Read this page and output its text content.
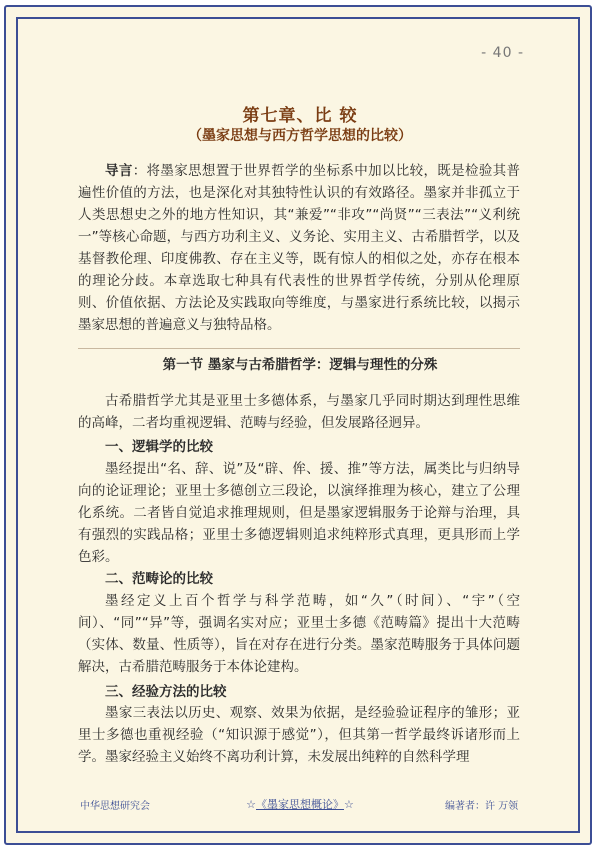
- 40 -
第七章、比 较
（墨家思想与西方哲学思想的比较）

导言：将墨家思想置于世界哲学的坐标系中加以比较，既是检验其普遍性价值的方法，也是深化对其独特性认识的有效路径。墨家并非孤立于人类思想史之外的地方性知识，其“兼爱”“非攻”“尚贤”“三表法”“义利统一”等核心命题，与西方功利主义、义务论、实用主义、古希腊哲学，以及基督教伦理、印度佛教、存在主义等，既有惊人的相似之处，亦存在根本的理论分歧。本章选取七种具有代表性的世界哲学传统，分别从伦理原则、价值依据、方法论及实践取向等维度，与墨家进行系统比较，以揭示墨家思想的普遍意义与独特品格。

第一节 墨家与古希腊哲学：逻辑与理性的分殊

古希腊哲学尤其是亚里士多德体系，与墨家几乎同时期达到理性思维的高峰，二者均重视逻辑、范畴与经验，但发展路径迥异。

一、逻辑学的比较

墨经提出“名、辞、说”及“辟、侔、援、推”等方法，属类比与归纳导向的论证理论；亚里士多德创立三段论，以演绎推理为核心，建立了公理化系统。二者皆自觉追求推理规则，但是墨家逻辑服务于论辩与治理，具有强烈的实践品格；亚里士多德逻辑则追求纯粹形式真理，更具形而上学色彩。

二、范畴论的比较

墨经定义上百个哲学与科学范畴，如“久”（时间）、“宇”（空间）、“同”“异”等，强调名实对应；亚里士多德《范畴篇》提出十大范畴（实体、数量、性质等），旨在对存在进行分类。墨家范畴服务于具体问题解决，古希腊范畴服务于本体论建构。

三、经验方法的比较

墨家三表法以历史、观察、效果为依据，是经验验证程序的雏形；亚里士多德也重视经验（“知识源于感觉”），但其第一哲学最终诉诸形而上学。墨家经验主义始终不离功利计算，未发展出纯粹的自然科学理

中华思想研究会	☆《墨家思想概论》☆	编著者：许 万领
